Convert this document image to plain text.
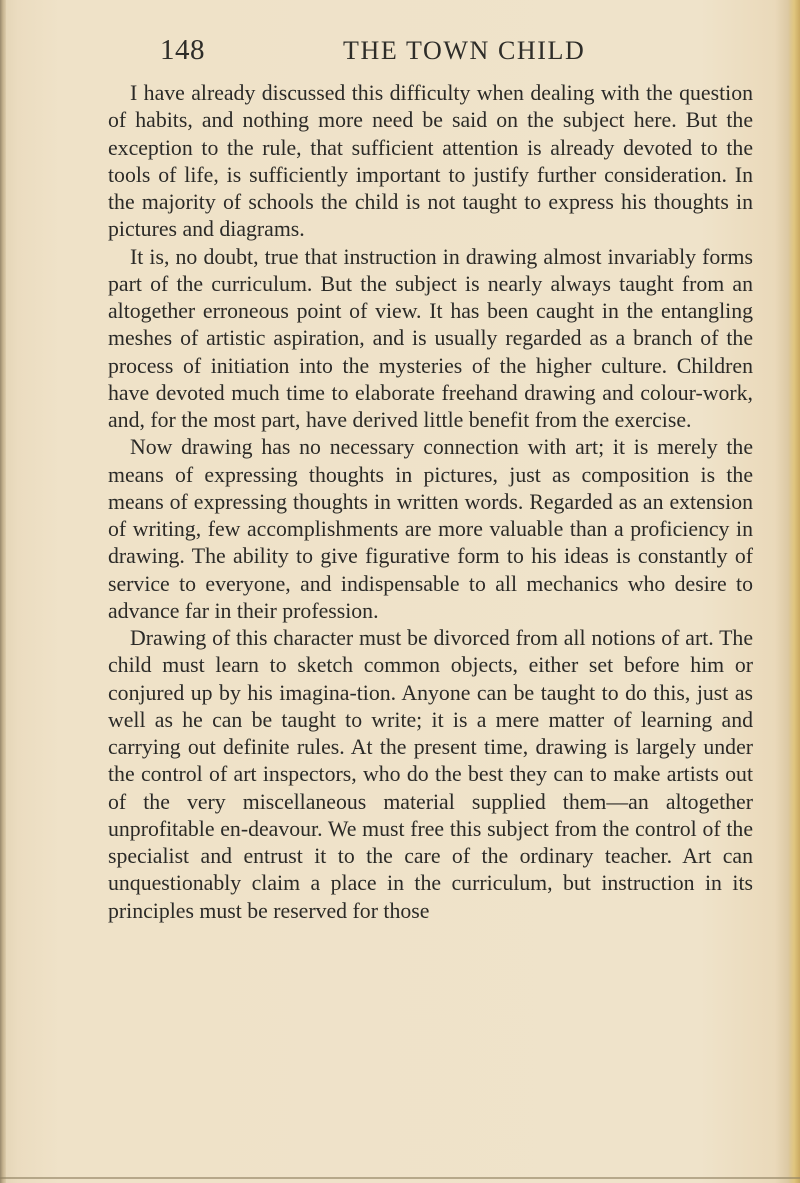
148	THE TOWN CHILD

I have already discussed this difficulty when dealing with the question of habits, and nothing more need be said on the subject here. But the exception to the rule, that sufficient attention is already devoted to the tools of life, is sufficiently important to justify further consideration. In the majority of schools the child is not taught to express his thoughts in pictures and diagrams.

It is, no doubt, true that instruction in drawing almost invariably forms part of the curriculum. But the subject is nearly always taught from an altogether erroneous point of view. It has been caught in the entangling meshes of artistic aspiration, and is usually regarded as a branch of the process of initiation into the mysteries of the higher culture. Children have devoted much time to elaborate freehand drawing and colour-work, and, for the most part, have derived little benefit from the exercise.

Now drawing has no necessary connection with art; it is merely the means of expressing thoughts in pictures, just as composition is the means of expressing thoughts in written words. Regarded as an extension of writing, few accomplishments are more valuable than a proficiency in drawing. The ability to give figurative form to his ideas is constantly of service to everyone, and indispensable to all mechanics who desire to advance far in their profession.

Drawing of this character must be divorced from all notions of art. The child must learn to sketch common objects, either set before him or conjured up by his imagina-tion. Anyone can be taught to do this, just as well as he can be taught to write; it is a mere matter of learning and carrying out definite rules. At the present time, drawing is largely under the control of art inspectors, who do the best they can to make artists out of the very miscellaneous material supplied them—an altogether unprofitable en-deavour. We must free this subject from the control of the specialist and entrust it to the care of the ordinary teacher. Art can unquestionably claim a place in the curriculum, but instruction in its principles must be reserved for those
